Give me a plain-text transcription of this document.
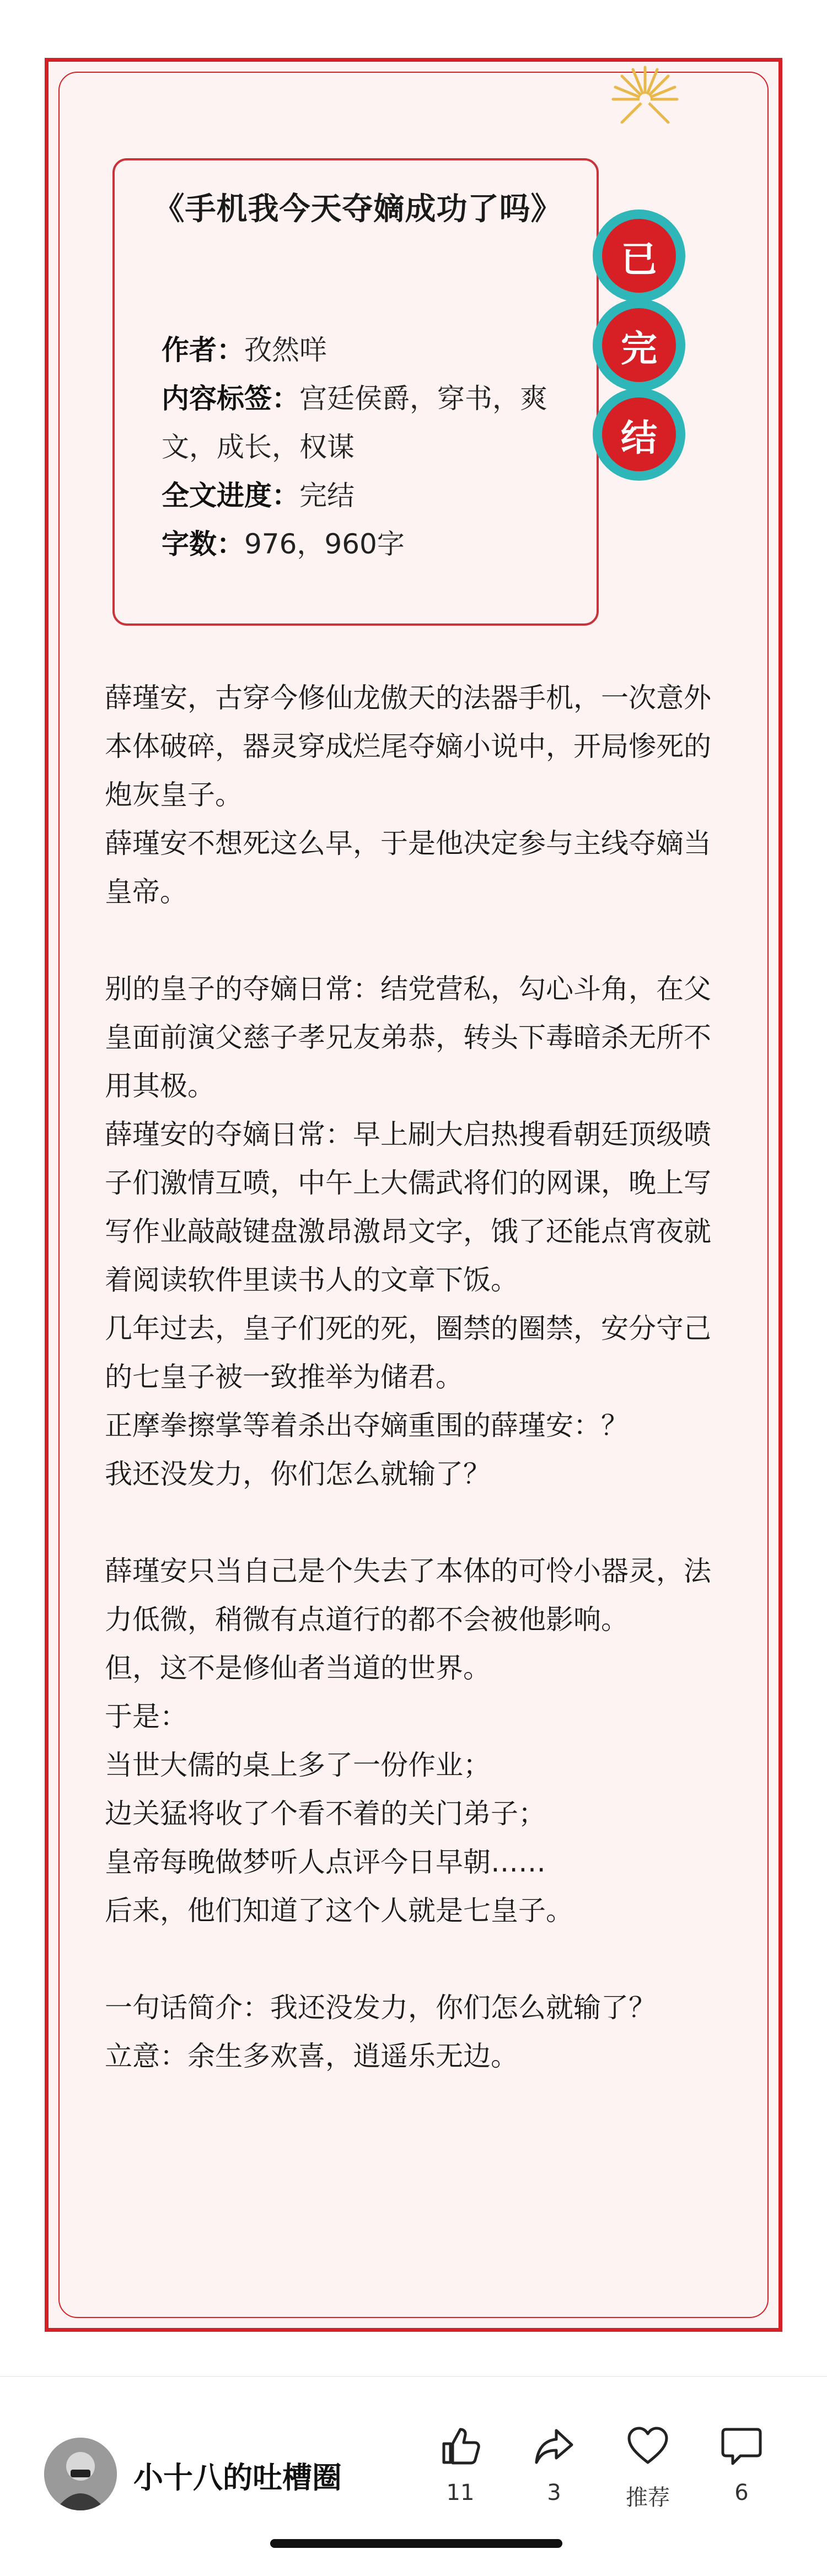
《手机我今天夺嫡成功了吗》

作者：孜然咩

内容标签：宫廷侯爵，穿书，爽文，成长，权谋

全文进度：完结

字数：976，960字

薛瑾安，古穿今修仙龙傲天的法器手机，一次意外本体破碎，器灵穿成烂尾夺嫡小说中，开局惨死的炮灰皇子。

薛瑾安不想死这么早，于是他决定参与主线夺嫡当皇帝。

别的皇子的夺嫡日常：结党营私，勾心斗角，在父皇面前演父慈子孝兄友弟恭，转头下毒暗杀无所不用其极。

薛瑾安的夺嫡日常：早上刷大启热搜看朝廷顶级喷子们激情互喷，中午上大儒武将们的网课，晚上写写作业敲敲键盘激昂激昂文字，饿了还能点宵夜就着阅读软件里读书人的文章下饭。

几年过去，皇子们死的死，圈禁的圈禁，安分守己的七皇子被一致推举为储君。

正摩拳擦掌等着杀出夺嫡重围的薛瑾安：？

我还没发力，你们怎么就输了？

薛瑾安只当自己是个失去了本体的可怜小器灵，法力低微，稍微有点道行的都不会被他影响。

但，这不是修仙者当道的世界。

于是：

当世大儒的桌上多了一份作业；

边关猛将收了个看不着的关门弟子；

皇帝每晚做梦听人点评今日早朝……

后来，他们知道了这个人就是七皇子。

一句话简介：我还没发力，你们怎么就输了？

立意：余生多欢喜，逍遥乐无边。

已
完
结
小十八的吐槽圈	11	3	推荐	6
